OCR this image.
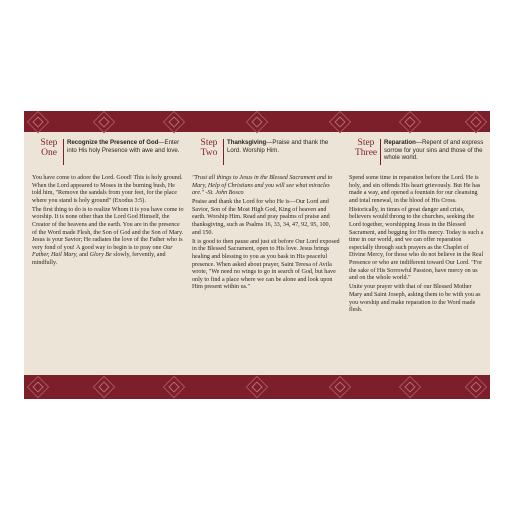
Step
One
Recognize the Presence of God—Enter into His holy Presence with awe and love.

You have come to adore the Lord. Good! This is holy ground. When the Lord appeared to Moses in the burning bush, He told him, "Remove the sandals from your feet, for the place where you stand is holy ground" (Exodus 3:5).

The first thing to do is to realize Whom it is you have come to worship. It is none other than the Lord God Himself, the Creator of the heavens and the earth. You are in the presence of the Word made Flesh, the Son of God and the Son of Mary. Jesus is your Savior; He radiates the love of the Father who is very fond of you! A good way to begin is to pray one Our Father, Hail Mary, and Glory Be slowly, fervently, and mindfully.

Step
Two
Thanksgiving—Praise and thank the Lord. Worship Him.

"Trust all things to Jesus in the Blessed Sacrament and to Mary, Help of Christians and you will see what miracles are." -St. John Bosco

Praise and thank the Lord for who He is—Our Lord and Savior, Son of the Most High God, King of heaven and earth. Worship Him. Read and pray psalms of praise and thanksgiving, such as Psalms 16, 33, 34, 47, 92, 95, 100, and 150.

It is good to then pause and just sit before Our Lord exposed in the Blessed Sacrament, open to His love. Jesus brings healing and blessing to you as you bask in His peaceful presence. When asked about prayer, Saint Teresa of Avila wrote, "We need no wings to go in search of God, but have only to find a place where we can be alone and look upon Him present within us."

Step
Three
Reparation—Repent of and express sorrow for your sins and those of the whole world.

Spend some time in reparation before the Lord. He is holy, and sin offends His heart grievously. But He has made a way, and opened a fountain for our cleansing and total renewal, in the blood of His Cross.

Historically, in times of great danger and crisis, believers would throng to the churches, seeking the Lord together, worshipping Jesus in the Blessed Sacrament, and begging for His mercy. Today is such a time in our world, and we can offer reparation especially through such prayers as the Chaplet of Divine Mercy, for those who do not believe in the Real Presence or who are indifferent toward Our Lord. "For the sake of His Sorrowful Passion, have mercy on us and on the whole world."

Unite your prayer with that of our Blessed Mother Mary and Saint Joseph, asking them to be with you as you worship and make reparation to the Word made flesh.
